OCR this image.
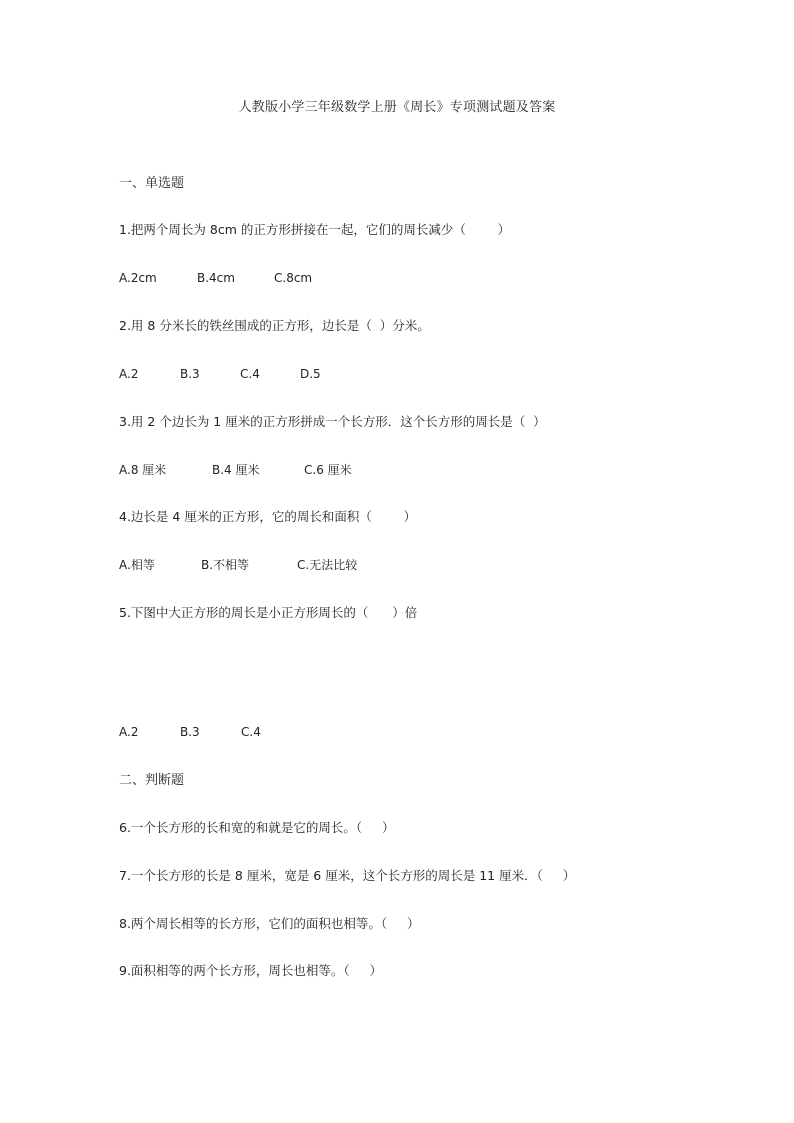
人教版小学三年级数学上册《周长》专项测试题及答案
一、单选题
1.把两个周长为 8cm 的正方形拼接在一起，它们的周长减少（        ）
A.2cm	B.4cm	C.8cm
2.用 8 分米长的铁丝围成的正方形，边长是（  ）分米。
A.2	B.3	C.4	D.5
3.用 2 个边长为 1 厘米的正方形拼成一个长方形．这个长方形的周长是（  ）
A.8 厘米	B.4 厘米	C.6 厘米
4.边长是 4 厘米的正方形，它的周长和面积（        ）
A.相等	B.不相等	C.无法比较
5.下图中大正方形的周长是小正方形周长的（      ）倍
A.2	B.3	C.4
二、判断题
6.一个长方形的长和宽的和就是它的周长。（     ）
7.一个长方形的长是 8 厘米，宽是 6 厘米，这个长方形的周长是 11 厘米．（     ）
8.两个周长相等的长方形，它们的面积也相等。（     ）
9.面积相等的两个长方形，周长也相等。（     ）
